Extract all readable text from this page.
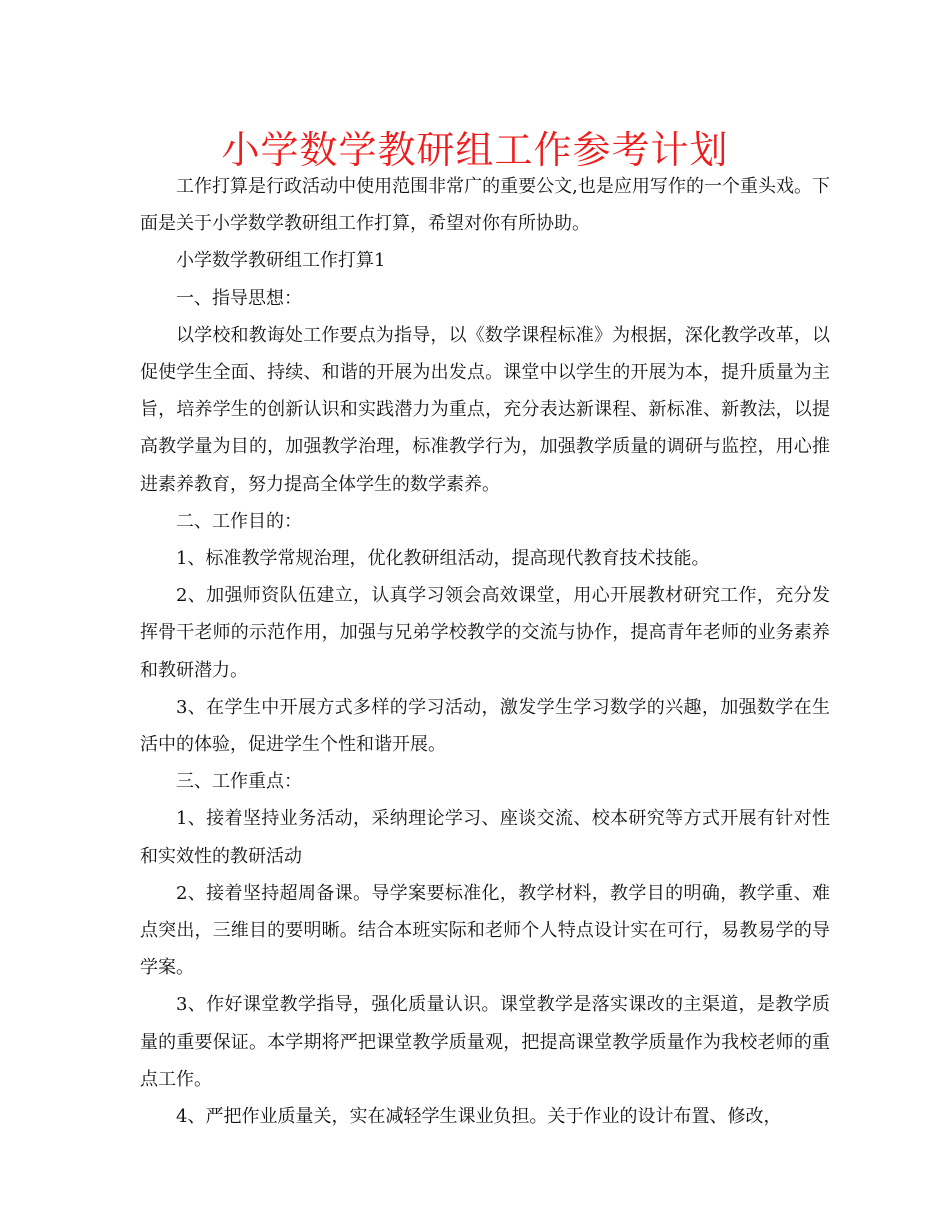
小学数学教研组工作参考计划

工作打算是行政活动中使用范围非常广的重要公文,也是应用写作的一个重头戏。下面是关于小学数学教研组工作打算，希望对你有所协助。

小学数学教研组工作打算1

一、指导思想：

以学校和教诲处工作要点为指导，以《数学课程标准》为根据，深化教学改革，以促使学生全面、持续、和谐的开展为出发点。课堂中以学生的开展为本，提升质量为主旨，培养学生的创新认识和实践潜力为重点，充分表达新课程、新标准、新教法，以提高教学量为目的，加强教学治理，标准教学行为，加强教学质量的调研与监控，用心推进素养教育，努力提高全体学生的数学素养。

二、工作目的：

1、标准教学常规治理，优化教研组活动，提高现代教育技术技能。

2、加强师资队伍建立，认真学习领会高效课堂，用心开展教材研究工作，充分发挥骨干老师的示范作用，加强与兄弟学校教学的交流与协作，提高青年老师的业务素养和教研潜力。

3、在学生中开展方式多样的学习活动，激发学生学习数学的兴趣，加强数学在生活中的体验，促进学生个性和谐开展。

三、工作重点：

1、接着坚持业务活动，采纳理论学习、座谈交流、校本研究等方式开展有针对性和实效性的教研活动

2、接着坚持超周备课。导学案要标准化，教学材料，教学目的明确，教学重、难点突出，三维目的要明晰。结合本班实际和老师个人特点设计实在可行，易教易学的导学案。

3、作好课堂教学指导，强化质量认识。课堂教学是落实课改的主渠道，是教学质量的重要保证。本学期将严把课堂教学质量观，把提高课堂教学质量作为我校老师的重点工作。

4、严把作业质量关，实在减轻学生课业负担。关于作业的设计布置、修改，
